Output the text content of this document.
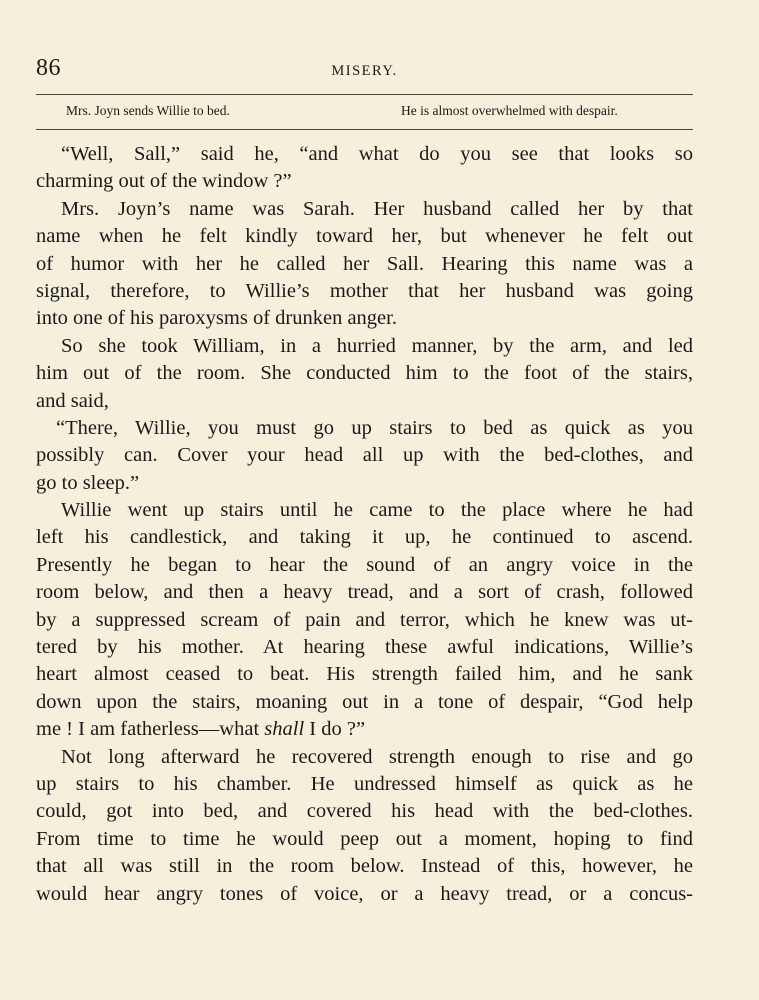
86	MISERY.
Mrs. Joyn sends Willie to bed.	He is almost overwhelmed with despair.
“Well, Sall,” said he, “and what do you see that looks so
charming out of the window ?”
Mrs. Joyn’s name was Sarah. Her husband called her by that
name when he felt kindly toward her, but whenever he felt out
of humor with her he called her Sall. Hearing this name was a
signal, therefore, to Willie’s mother that her husband was going
into one of his paroxysms of drunken anger.
So she took William, in a hurried manner, by the arm, and led
him out of the room. She conducted him to the foot of the stairs,
and said,
“There, Willie, you must go up stairs to bed as quick as you
possibly can. Cover your head all up with the bed-clothes, and
go to sleep.”
Willie went up stairs until he came to the place where he had
left his candlestick, and taking it up, he continued to ascend.
Presently he began to hear the sound of an angry voice in the
room below, and then a heavy tread, and a sort of crash, followed
by a suppressed scream of pain and terror, which he knew was ut-
tered by his mother. At hearing these awful indications, Willie’s
heart almost ceased to beat. His strength failed him, and he sank
down upon the stairs, moaning out in a tone of despair, “God help
me ! I am fatherless—what shall I do ?”
Not long afterward he recovered strength enough to rise and go
up stairs to his chamber. He undressed himself as quick as he
could, got into bed, and covered his head with the bed-clothes.
From time to time he would peep out a moment, hoping to find
that all was still in the room below. Instead of this, however, he
would hear angry tones of voice, or a heavy tread, or a concus-
